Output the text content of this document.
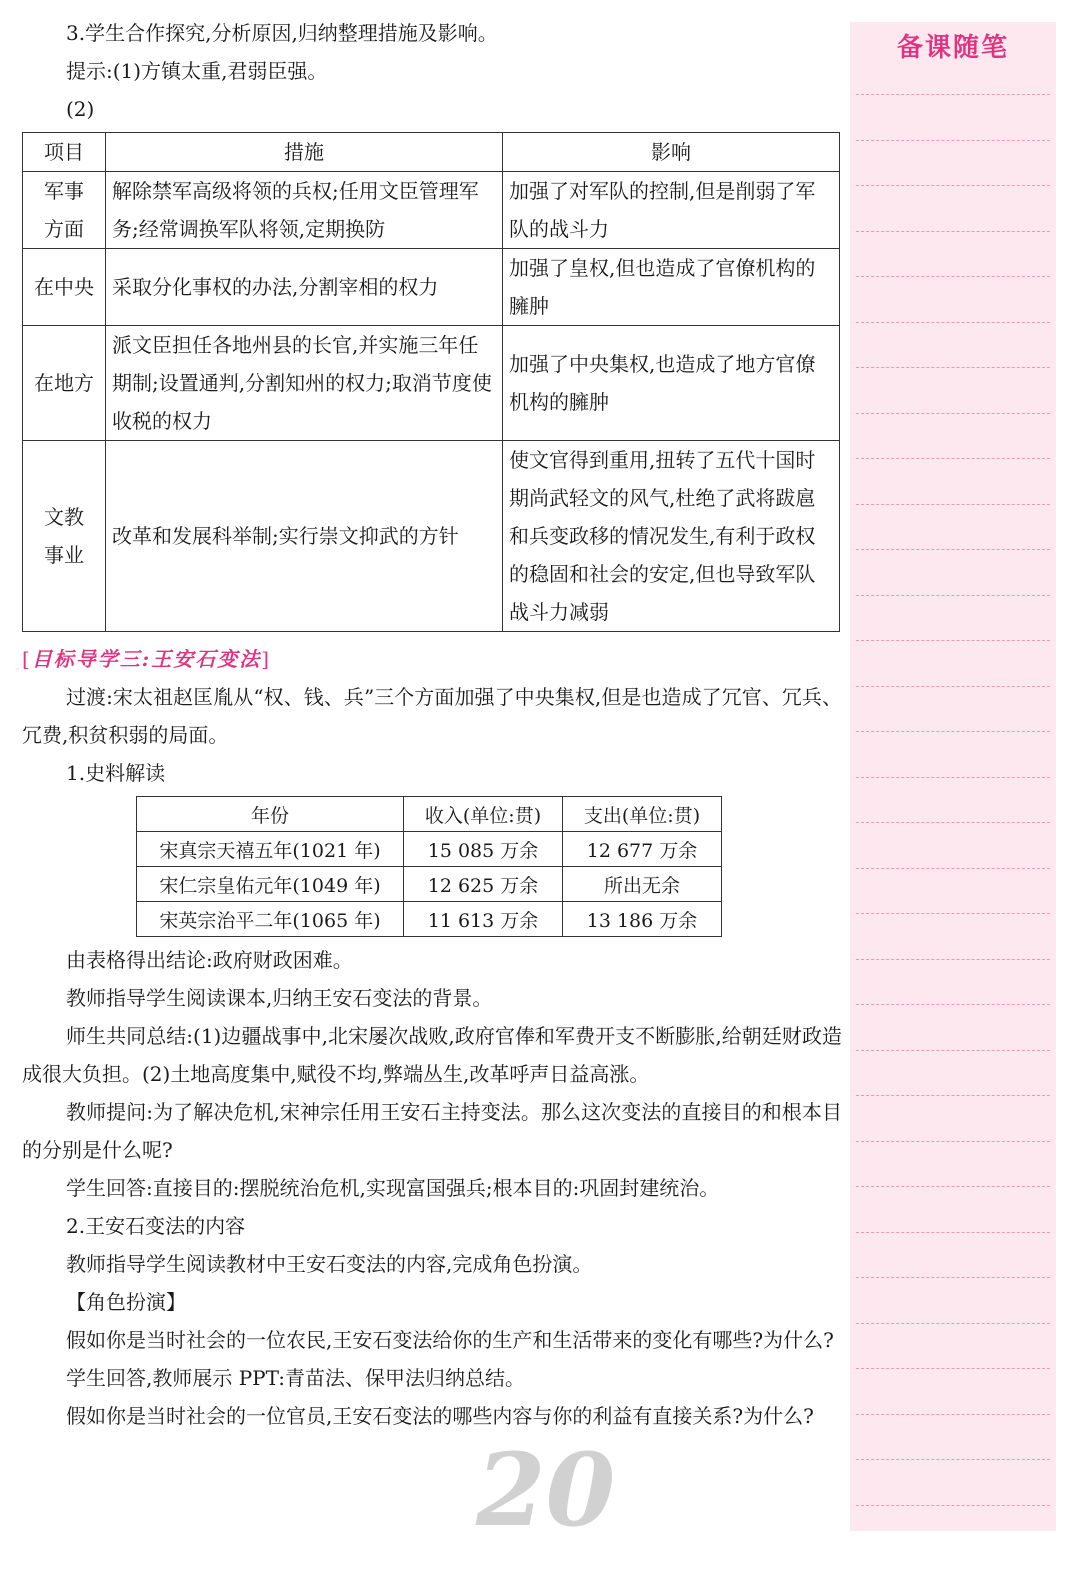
3.学生合作探究,分析原因,归纳整理措施及影响。
提示:(1)方镇太重,君弱臣强。
(2)
项目	措施	影响
军事
方面	解除禁军高级将领的兵权;任用文臣管理军务;经常调换军队将领,定期换防	加强了对军队的控制,但是削弱了军队的战斗力
在中央	采取分化事权的办法,分割宰相的权力	加强了皇权,但也造成了官僚机构的臃肿
在地方	派文臣担任各地州县的长官,并实施三年任期制;设置通判,分割知州的权力;取消节度使收税的权力	加强了中央集权,也造成了地方官僚机构的臃肿
文教
事业	改革和发展科举制;实行崇文抑武的方针	使文官得到重用,扭转了五代十国时期尚武轻文的风气,杜绝了武将跋扈和兵变政移的情况发生,有利于政权的稳固和社会的安定,但也导致军队战斗力减弱
[目标导学三:王安石变法]

过渡:宋太祖赵匡胤从“权、钱、兵”三个方面加强了中央集权,但是也造成了冗官、冗兵、冗费,积贫积弱的局面。

1.史料解读
年份	收入(单位:贯)	支出(单位:贯)
宋真宗天禧五年(1021 年)	15 085 万余	12 677 万余
宋仁宗皇佑元年(1049 年)	12 625 万余	所出无余
宋英宗治平二年(1065 年)	11 613 万余	13 186 万余

由表格得出结论:政府财政困难。

教师指导学生阅读课本,归纳王安石变法的背景。

师生共同总结:(1)边疆战事中,北宋屡次战败,政府官俸和军费开支不断膨胀,给朝廷财政造成很大负担。(2)土地高度集中,赋役不均,弊端丛生,改革呼声日益高涨。

教师提问:为了解决危机,宋神宗任用王安石主持变法。那么这次变法的直接目的和根本目的分别是什么呢?

学生回答:直接目的:摆脱统治危机,实现富国强兵;根本目的:巩固封建统治。

2.王安石变法的内容

教师指导学生阅读教材中王安石变法的内容,完成角色扮演。

【角色扮演】

假如你是当时社会的一位农民,王安石变法给你的生产和生活带来的变化有哪些?为什么?

学生回答,教师展示 PPT:青苗法、保甲法归纳总结。

假如你是当时社会的一位官员,王安石变法的哪些内容与你的利益有直接关系?为什么?

备课随笔
20
